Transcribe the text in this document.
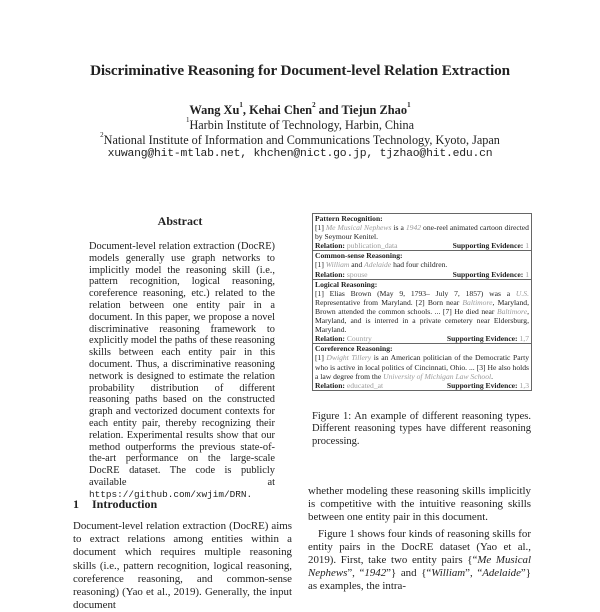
Discriminative Reasoning for Document-level Relation Extraction
Wang Xu$^1$, Kehai Chen$^2$ and Tiejun Zhao$^1$
$^1$Harbin Institute of Technology, Harbin, China
$^2$National Institute of Information and Communications Technology, Kyoto, Japan
xuwang@hit-mtlab.net, khchen@nict.go.jp, tjzhao@hit.edu.cn
Abstract
Document-level relation extraction (DocRE) models generally use graph networks to implicitly model the reasoning skill (i.e., pattern recognition, logical reasoning, coreference reasoning, etc.) related to the relation between one entity pair in a document. In this paper, we propose a novel discriminative reasoning framework to explicitly model the paths of these reasoning skills between each entity pair in this document. Thus, a discriminative reasoning network is designed to estimate the relation probability distribution of different reasoning paths based on the constructed graph and vectorized document contexts for each entity pair, thereby recognizing their relation. Experimental results show that our method outperforms the previous state-of-the-art performance on the large-scale DocRE dataset. The code is publicly available at https://github.com/xwjim/DRN.
1 Introduction
Document-level relation extraction (DocRE) aims to extract relations among entities within a document which requires multiple reasoning skills (i.e., pattern recognition, logical reasoning, coreference reasoning, and common-sense reasoning) (Yao et al., 2019). Generally, the input document
Pattern Recognition:
[1] Me Musical Nephews is a 1942 one-reel animated cartoon directed by Seymour Kenitel.
Relation: publication_data	Supporting Evidence: 1
Common-sense Reasoning:
[1] William and Adelaide had four children.
Relation: spouse	Supporting Evidence: 1
Logical Reasoning:
[1] Elias Brown (May 9, 1793– July 7, 1857) was a U.S. Representative from Maryland. [2] Born near Baltimore, Maryland, Brown attended the common schools. ... [7] He died near Baltimore, Maryland, and is interred in a private cemetery near Eldersburg, Maryland.
Relation: Country	Supporting Evidence: 1,7
Coreference Reasoning:
[1] Dwight Tillery is an American politician of the Democratic Party who is active in local politics of Cincinnati, Ohio. ... [3] He also holds a law degree from the University of Michigan Law School.
Relation: educated_at	Supporting Evidence: 1,3
Figure 1: An example of different reasoning types. Different reasoning types have different reasoning processing.

whether modeling these reasoning skills implicitly is competitive with the intuitive reasoning skills between one entity pair in this document.

Figure 1 shows four kinds of reasoning skills for entity pairs in the DocRE dataset (Yao et al., 2019). First, take two entity pairs {“Me Musical Nephews”, “1942”} and {“William”, “Adelaide”} as examples, the intra-
